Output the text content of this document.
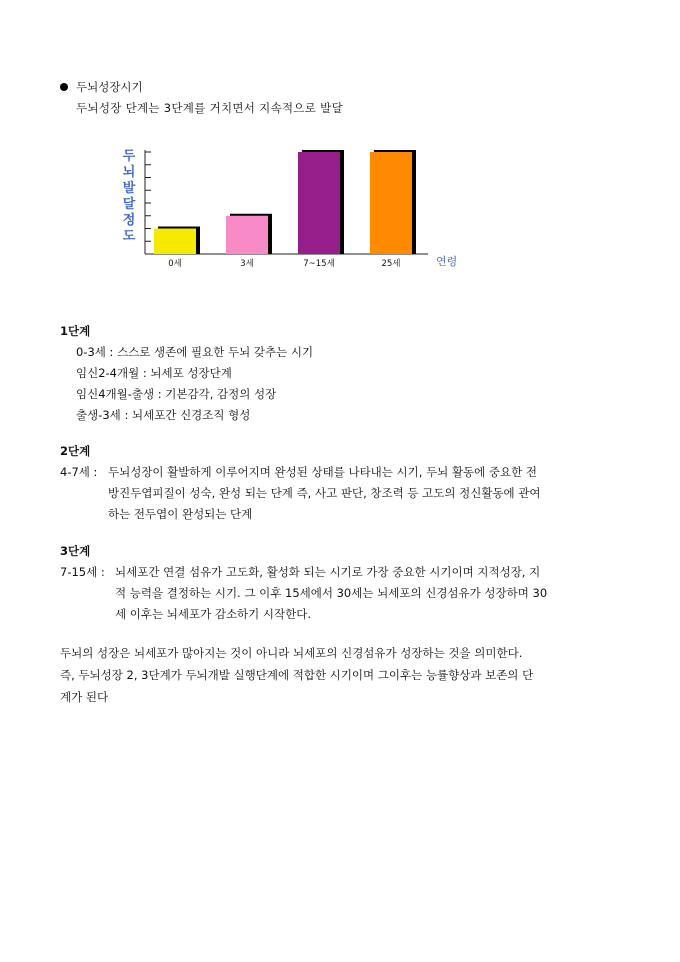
두뇌성장시기
두뇌성장 단계는 3단계를 거치면서 지속적으로 발달
두
뇌
발
달
정
도
0세	3세	7~15세	25세	연령
1단계
0-3세 : 스스로 생존에 필요한 두뇌 갖추는 시기
임신2-4개월 : 뇌세포 성장단계
임신4개월-출생 : 기본감각, 감정의 성장
출생-3세 : 뇌세포간 신경조직 형성
2단계
4-7세 : 두뇌성장이 활발하게 이루어지며 완성된 상태를 나타내는 시기, 두뇌 활동에 중요한 전
방진두엽피질이 성숙, 완성 되는 단계 즉, 사고 판단, 창조력 등 고도의 정신활동에 관여
하는 전두엽이 완성되는 단계
3단계
7-15세 : 뇌세포간 연결 섬유가 고도화, 활성화 되는 시기로 가장 중요한 시기이며 지적성장, 지
적 능력을 결정하는 시기. 그 이후 15세에서 30세는 뇌세포의 신경섬유가 성장하며 30
세 이후는 뇌세포가 감소하기 시작한다.
두뇌의 성장은 뇌세포가 많아지는 것이 아니라 뇌세포의 신경섬유가 성장하는 것을 의미한다.
즉, 두뇌성장 2, 3단계가 두뇌개발 실행단계에 적합한 시기이며 그이후는 능률향상과 보존의 단
계가 된다
